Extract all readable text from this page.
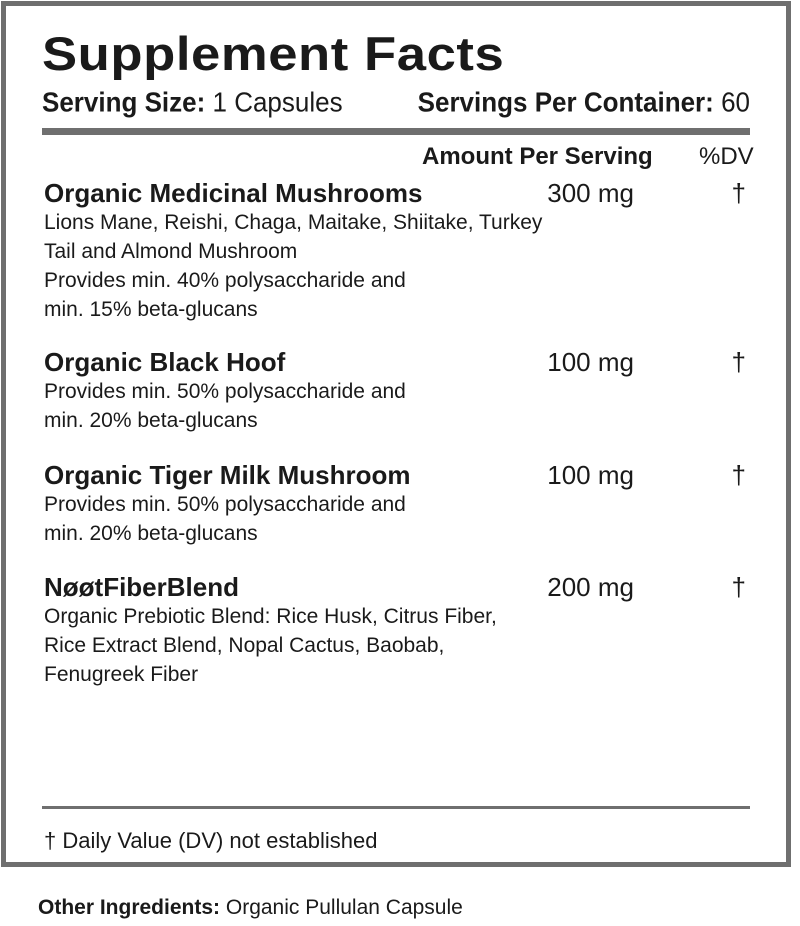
Supplement Facts
Serving Size: 1 Capsules	Servings Per Container: 60
Amount Per Serving %DV
Organic Medicinal Mushrooms
Lions Mane, Reishi, Chaga, Maitake, Shiitake, Turkey Tail and Almond Mushroom
Provides min. 40% polysaccharide and min. 15% beta-glucans
300 mg	†
Organic Black Hoof
Provides min. 50% polysaccharide and min. 20% beta-glucans
100 mg	†
Organic Tiger Milk Mushroom
Provides min. 50% polysaccharide and min. 20% beta-glucans
100 mg	†
NøøtFiberBlend
Organic Prebiotic Blend: Rice Husk, Citrus Fiber, Rice Extract Blend, Nopal Cactus, Baobab, Fenugreek Fiber
200 mg	†
† Daily Value (DV) not established
Other Ingredients: Organic Pullulan Capsule
